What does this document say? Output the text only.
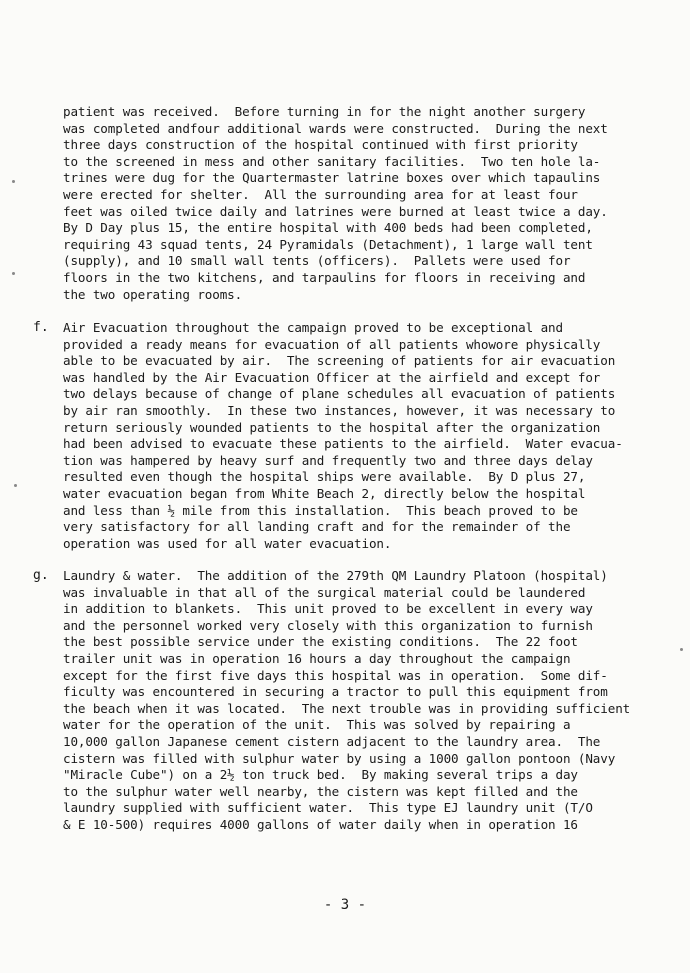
patient was received.  Before turning in for the night another surgery
was completed andfour additional wards were constructed.  During the next
three days construction of the hospital continued with first priority
to the screened in mess and other sanitary facilities.  Two ten hole la-
trines were dug for the Quartermaster latrine boxes over which tapaulins
were erected for shelter.  All the surrounding area for at least four
feet was oiled twice daily and latrines were burned at least twice a day.
By D Day plus 15, the entire hospital with 400 beds had been completed,
requiring 43 squad tents, 24 Pyramidals (Detachment), 1 large wall tent
(supply), and 10 small wall tents (officers).  Pallets were used for
floors in the two kitchens, and tarpaulins for floors in receiving and
the two operating rooms.
f. Air Evacuation throughout the campaign proved to be exceptional and
provided a ready means for evacuation of all patients whowore physically
able to be evacuated by air.  The screening of patients for air evacuation
was handled by the Air Evacuation Officer at the airfield and except for
two delays because of change of plane schedules all evacuation of patients
by air ran smoothly.  In these two instances, however, it was necessary to
return seriously wounded patients to the hospital after the organization
had been advised to evacuate these patients to the airfield.  Water evacua-
tion was hampered by heavy surf and frequently two and three days delay
resulted even though the hospital ships were available.  By D plus 27,
water evacuation began from White Beach 2, directly below the hospital
and less than ½ mile from this installation.  This beach proved to be
very satisfactory for all landing craft and for the remainder of the
operation was used for all water evacuation.
g. Laundry & water.  The addition of the 279th QM Laundry Platoon (hospital)
was invaluable in that all of the surgical material could be laundered
in addition to blankets.  This unit proved to be excellent in every way
and the personnel worked very closely with this organization to furnish
the best possible service under the existing conditions.  The 22 foot
trailer unit was in operation 16 hours a day throughout the campaign
except for the first five days this hospital was in operation.  Some dif-
ficulty was encountered in securing a tractor to pull this equipment from
the beach when it was located.  The next trouble was in providing sufficient
water for the operation of the unit.  This was solved by repairing a
10,000 gallon Japanese cement cistern adjacent to the laundry area.  The
cistern was filled with sulphur water by using a 1000 gallon pontoon (Navy
"Miracle Cube") on a 2½ ton truck bed.  By making several trips a day
to the sulphur water well nearby, the cistern was kept filled and the
laundry supplied with sufficient water.  This type EJ laundry unit (T/O
& E 10-500) requires 4000 gallons of water daily when in operation 16
- 3 -
